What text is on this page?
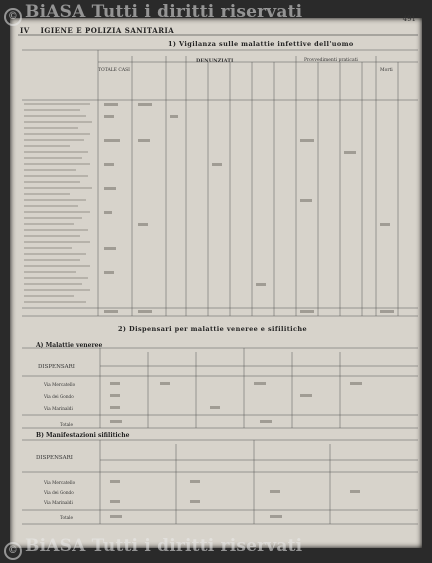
© BiASA Tutti i diritti riservati
© BiASA Tutti i diritti riservati
491
IV IGIENE E POLIZIA SANITARIA
1) Vigilanza sulle malattie infettive dell'uomo
TOTALE CASI
DENUNZIATI	Provvedimenti praticati
Morti
2) Dispensari per malattie veneree e sifilitiche
A) Malattie veneree
B) Manifestazioni sifilitiche
DISPENSARI
DISPENSARI
Via Mercatello
Via dei Gondo
Via Marinaldi
Totale
Via Mercatello
Via dei Gondo
Via Marinaldi
Totale
